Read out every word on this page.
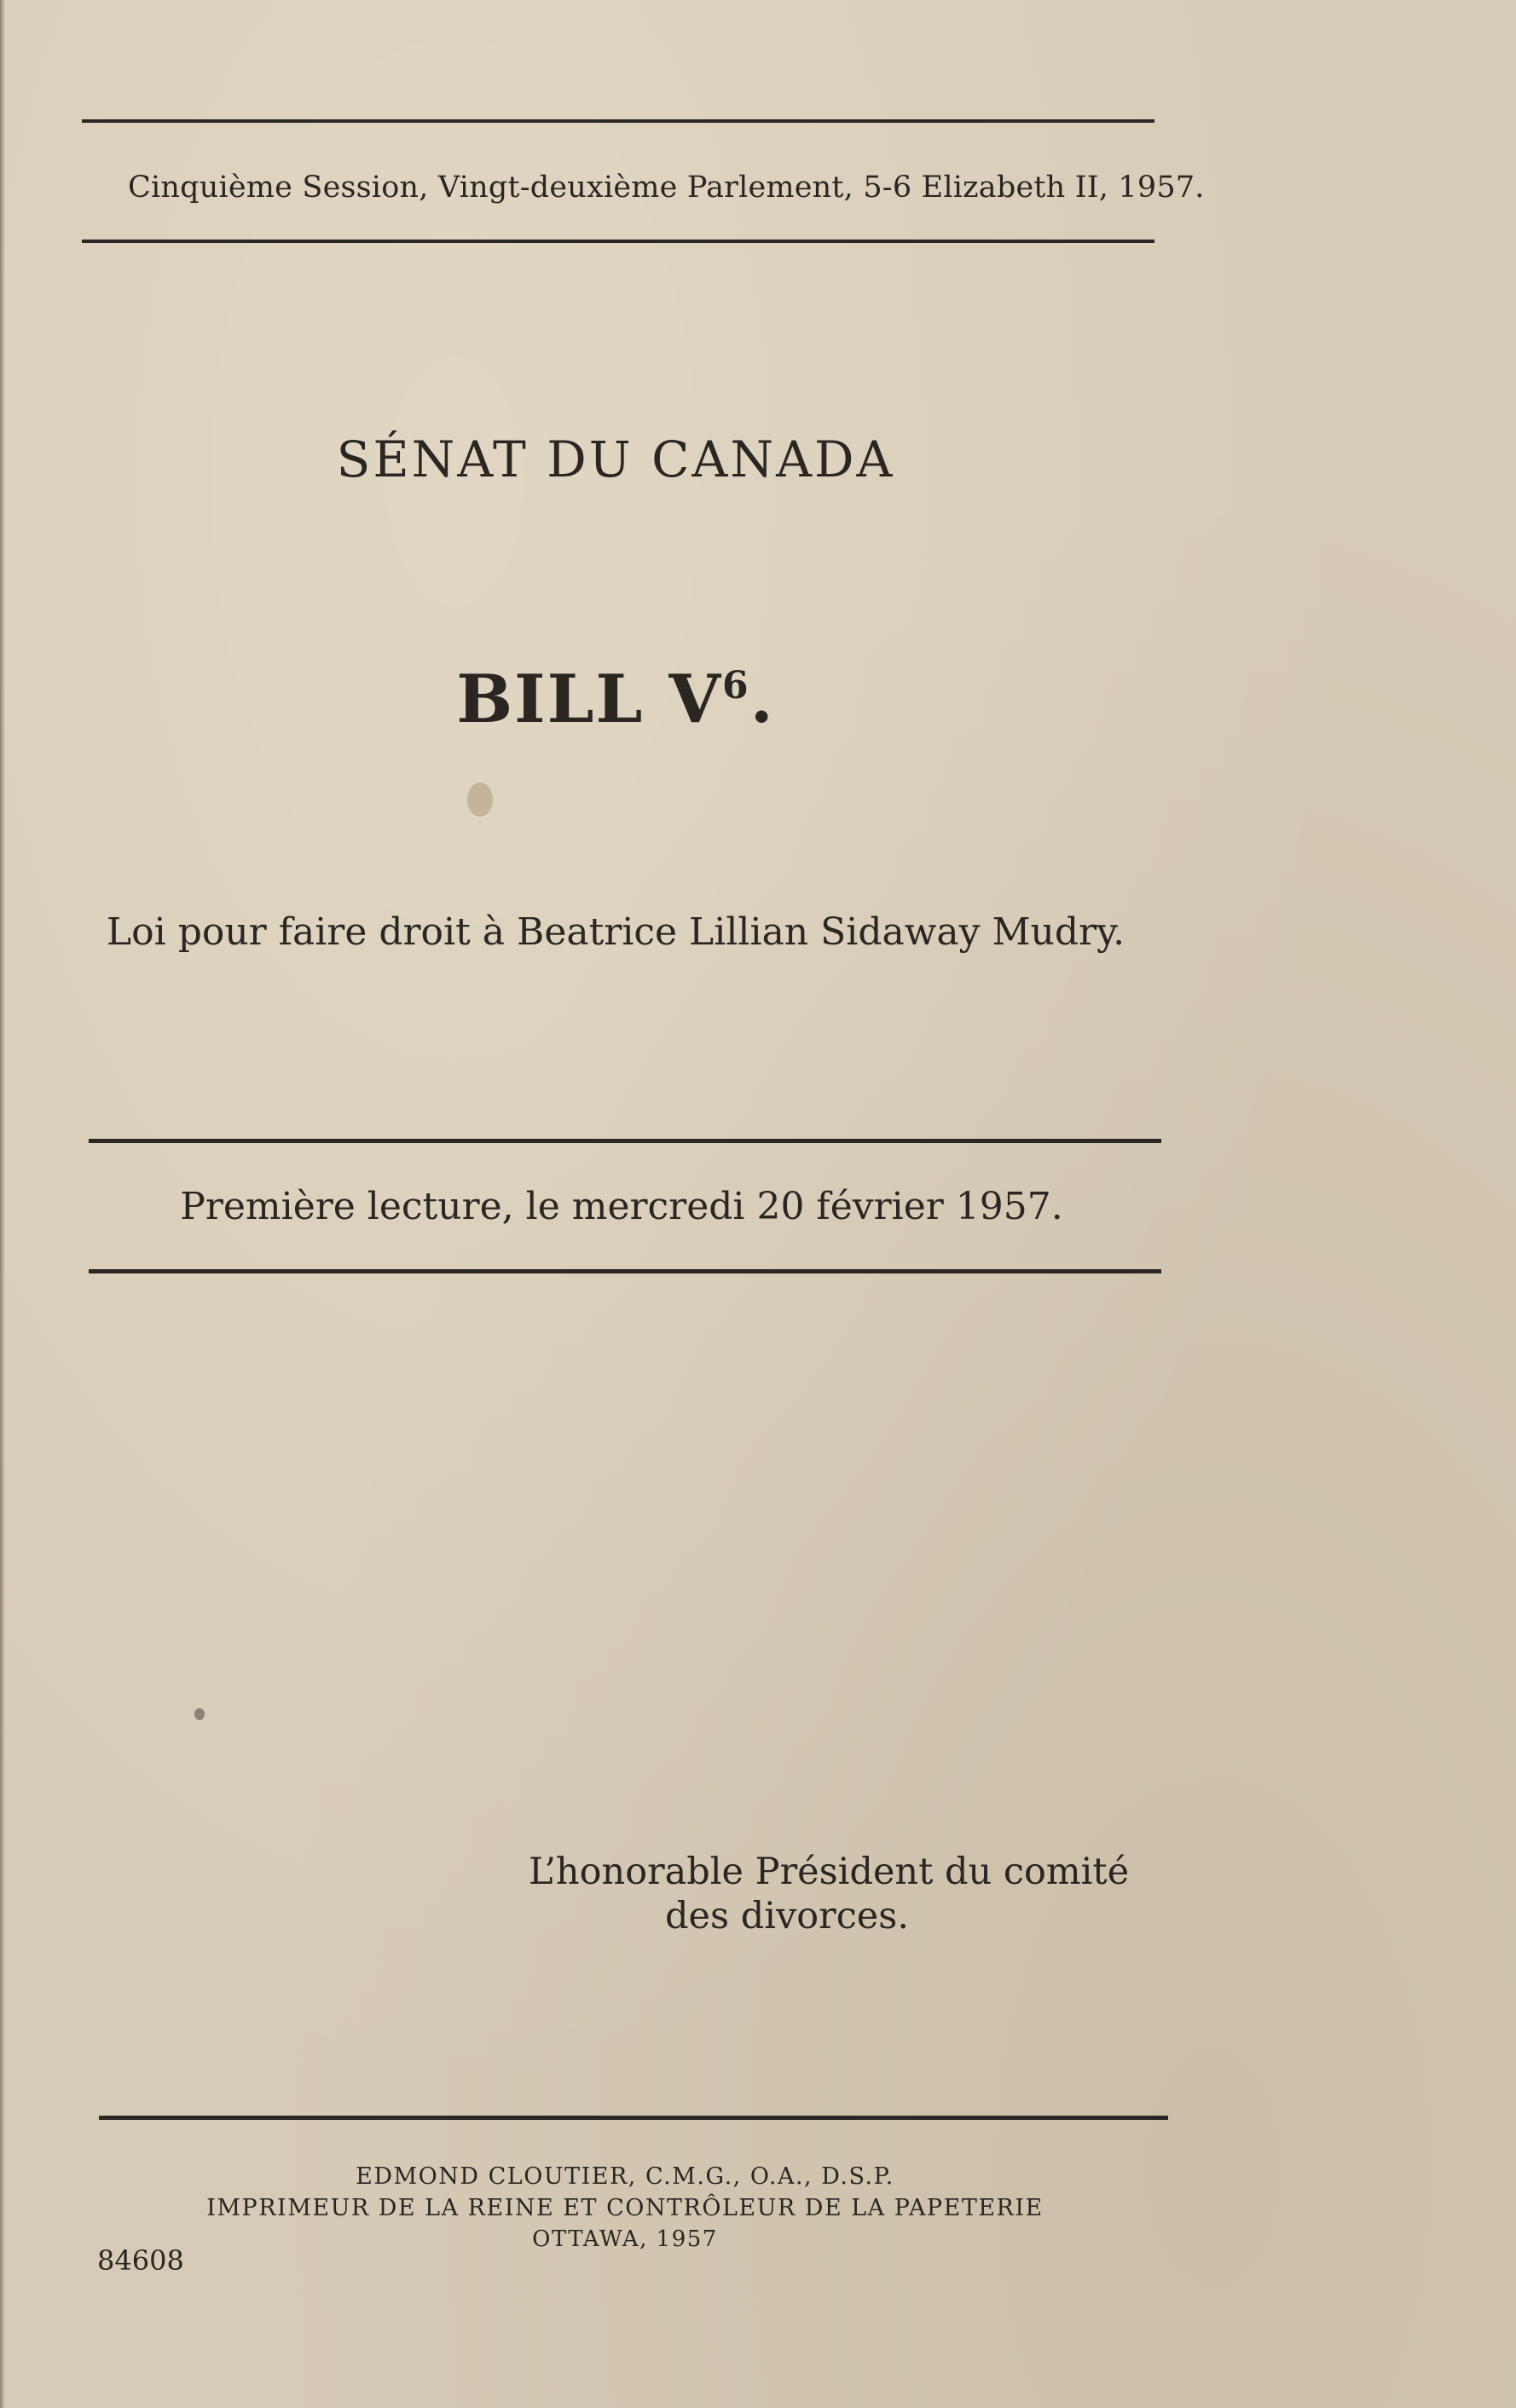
Cinquième Session, Vingt-deuxième Parlement, 5-6 Elizabeth II, 1957.
SÉNAT DU CANADA
BILL $V^6$.
Loi pour faire droit à Beatrice Lillian Sidaway Mudry.
Première lecture, le mercredi 20 février 1957.
L’honorable Président du comité
des divorces.
EDMOND CLOUTIER, C.M.G., O.A., D.S.P.
IMPRIMEUR DE LA REINE ET CONTRÔLEUR DE LA PAPETERIE
OTTAWA, 1957
84608
